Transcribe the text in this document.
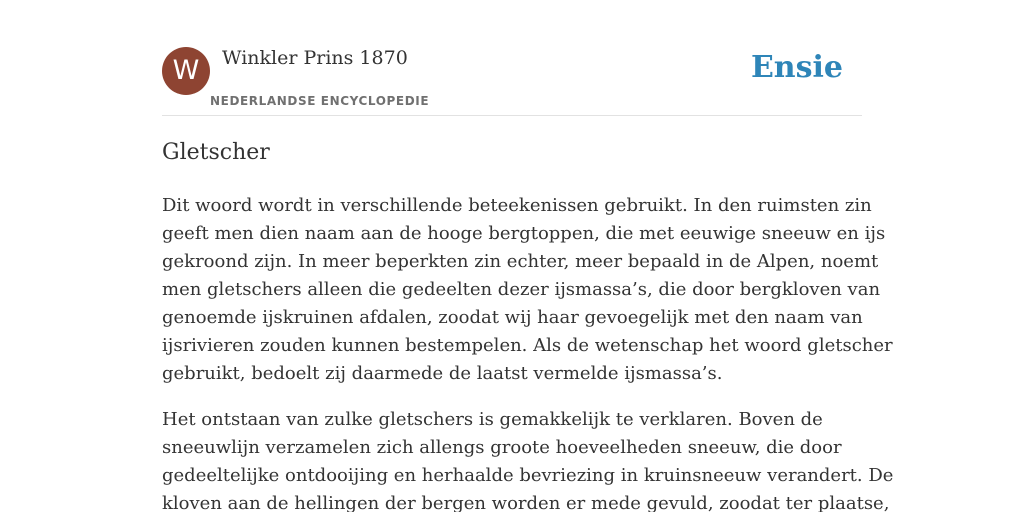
W	Winkler Prins 1870
NEDERLANDSE ENCYCLOPEDIE
Ensie
Gletscher

Dit woord wordt in verschillende beteekenissen gebruikt. In den ruimsten zin
geeft men dien naam aan de hooge bergtoppen, die met eeuwige sneeuw en ijs
gekroond zijn. In meer beperkten zin echter, meer bepaald in de Alpen, noemt
men gletschers alleen die gedeelten dezer ijsmassa’s, die door bergkloven van
genoemde ijskruinen afdalen, zoodat wij haar gevoegelijk met den naam van
ijsrivieren zouden kunnen bestempelen. Als de wetenschap het woord gletscher
gebruikt, bedoelt zij daarmede de laatst vermelde ijsmassa’s.

Het ontstaan van zulke gletschers is gemakkelijk te verklaren. Boven de
sneeuwlijn verzamelen zich allengs groote hoeveelheden sneeuw, die door
gedeeltelijke ontdooijing en herhaalde bevriezing in kruinsneeuw verandert. De
kloven aan de hellingen der bergen worden er mede gevuld, zoodat ter plaatse,
